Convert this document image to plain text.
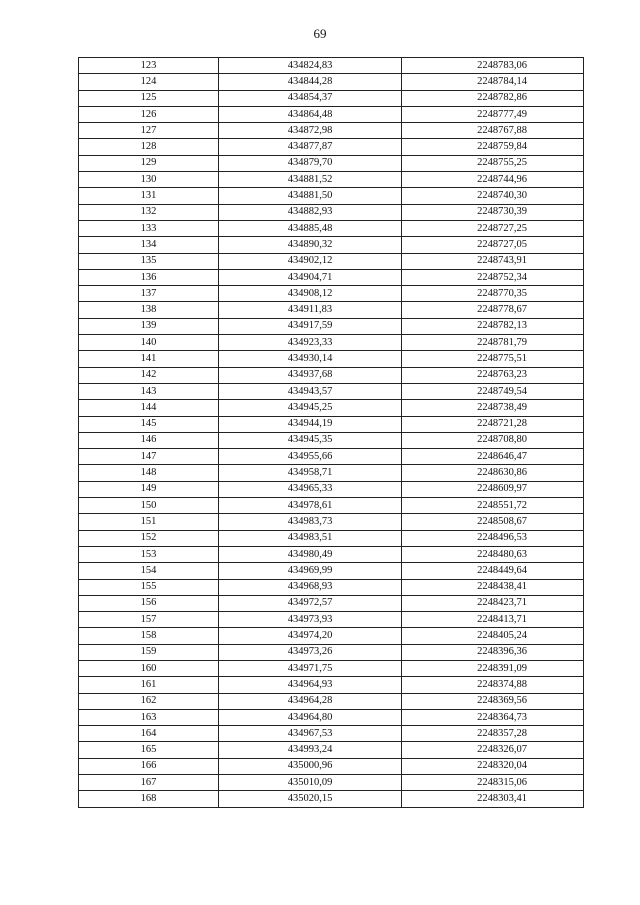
69
123	434824,83	2248783,06
124	434844,28	2248784,14
125	434854,37	2248782,86
126	434864,48	2248777,49
127	434872,98	2248767,88
128	434877,87	2248759,84
129	434879,70	2248755,25
130	434881,52	2248744,96
131	434881,50	2248740,30
132	434882,93	2248730,39
133	434885,48	2248727,25
134	434890,32	2248727,05
135	434902,12	2248743,91
136	434904,71	2248752,34
137	434908,12	2248770,35
138	434911,83	2248778,67
139	434917,59	2248782,13
140	434923,33	2248781,79
141	434930,14	2248775,51
142	434937,68	2248763,23
143	434943,57	2248749,54
144	434945,25	2248738,49
145	434944,19	2248721,28
146	434945,35	2248708,80
147	434955,66	2248646,47
148	434958,71	2248630,86
149	434965,33	2248609,97
150	434978,61	2248551,72
151	434983,73	2248508,67
152	434983,51	2248496,53
153	434980,49	2248480,63
154	434969,99	2248449,64
155	434968,93	2248438,41
156	434972,57	2248423,71
157	434973,93	2248413,71
158	434974,20	2248405,24
159	434973,26	2248396,36
160	434971,75	2248391,09
161	434964,93	2248374,88
162	434964,28	2248369,56
163	434964,80	2248364,73
164	434967,53	2248357,28
165	434993,24	2248326,07
166	435000,96	2248320,04
167	435010,09	2248315,06
168	435020,15	2248303,41
